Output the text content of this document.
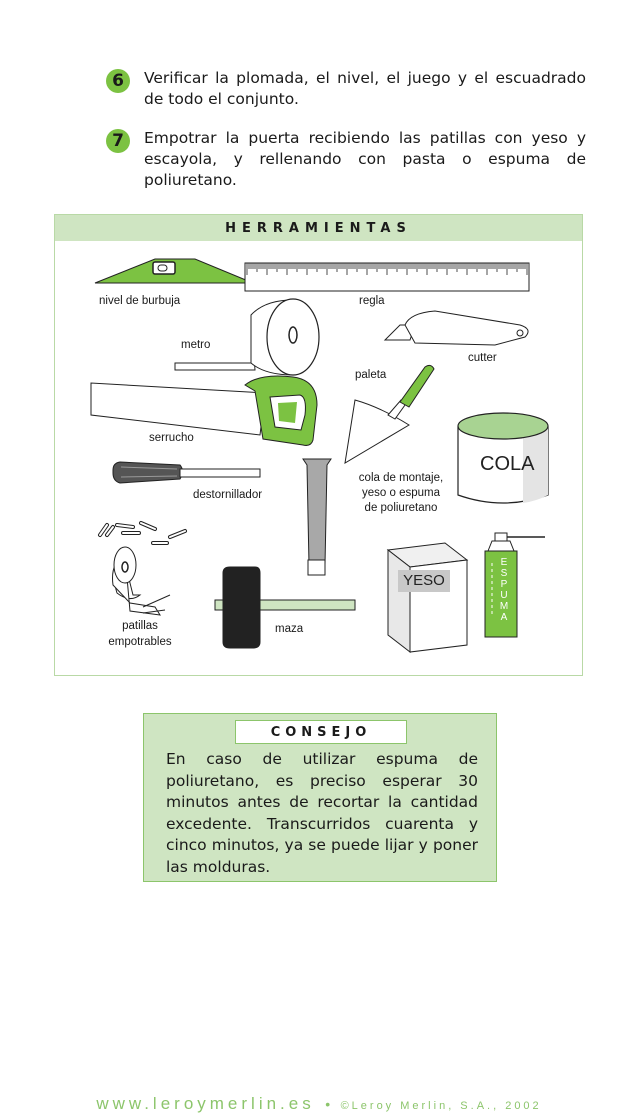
6	Verificar la plomada, el nivel, el juego y el escuadrado de todo el conjunto.
7	Empotrar la puerta recibiendo las patillas con yeso y escayola, y rellenando con pasta o espuma de poliuretano.
HERRAMIENTAS
nivel de burbuja	regla
metro
cutter
paleta
serrucho
cola de montaje,
yeso o espuma
de poliuretano
destornillador
patillas
empotrables
maza
COLA
YESO
ESPUMA
CONSEJO
En caso de utilizar espuma de poliuretano, es preciso esperar 30 minutos antes de recortar la cantidad excedente. Transcurridos cuarenta y cinco minutos, ya se puede lijar y poner las molduras.
www.leroymerlin.es • ©Leroy Merlin, S.A., 2002
